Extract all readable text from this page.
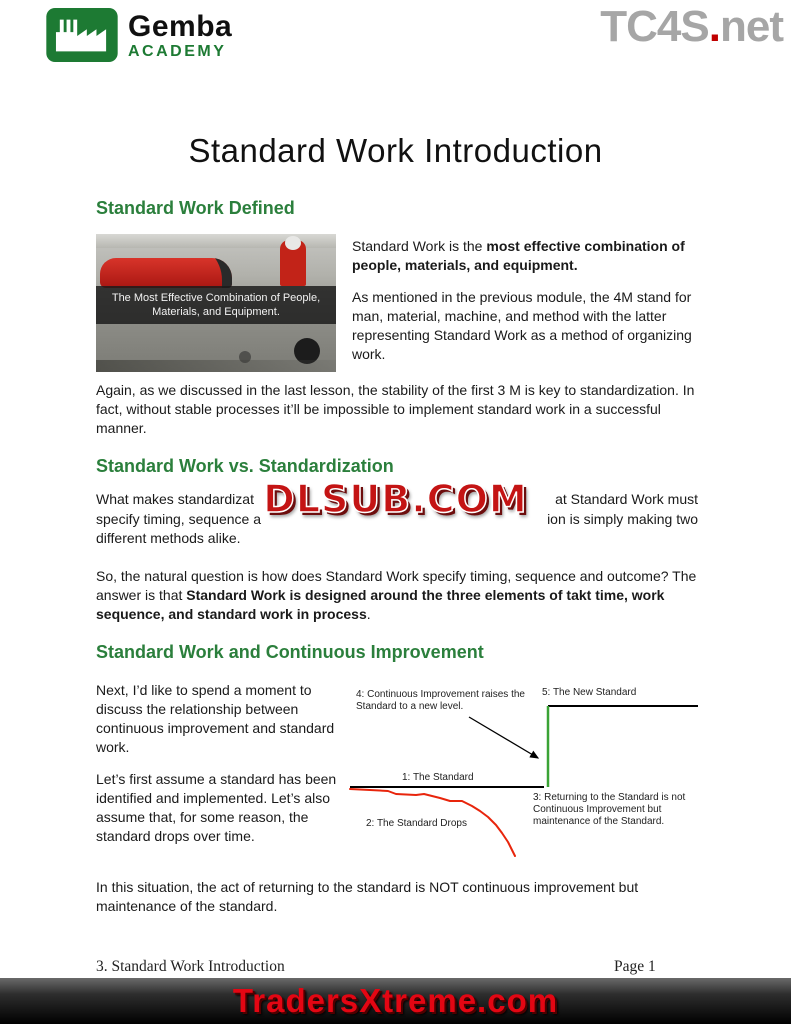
Gemba
ACADEMY	TC4S.net
Standard Work Introduction
Standard Work Defined
The Most Effective Combination of People,
Materials, and Equipment.

Standard Work is the most effective combination of people, materials, and equipment.

As mentioned in the previous module, the 4M stand for man, material, machine, and method with the latter representing Standard Work as a method of organizing work.

Again, as we discussed in the last lesson, the stability of the first 3 M is key to standardization. In fact, without stable processes it’ll be impossible to implement standard work in a successful manner.

Standard Work vs. Standardization
What makes standardizat	at Standard Work must
specify timing, sequence a	ion is simply making two
different methods alike.
DLSUB.COM

So, the natural question is how does Standard Work specify timing, sequence and outcome? The answer is that Standard Work is designed around the three elements of takt time, work sequence, and standard work in process.

Standard Work and Continuous Improvement

Next, I’d like to spend a moment to discuss the relationship between continuous improvement and standard work.

Let’s first assume a standard has been identified and implemented. Let’s also assume that, for some reason, the standard drops over time.

4: Continuous Improvement raises the
Standard to a new level.
5: The New Standard
1: The Standard
2: The Standard Drops
3: Returning to the Standard is not
Continuous Improvement but
maintenance of the Standard.

In this situation, the act of returning to the standard is NOT continuous improvement but maintenance of the standard.

3. Standard Work Introduction	Page 1
TradersXtreme.com
